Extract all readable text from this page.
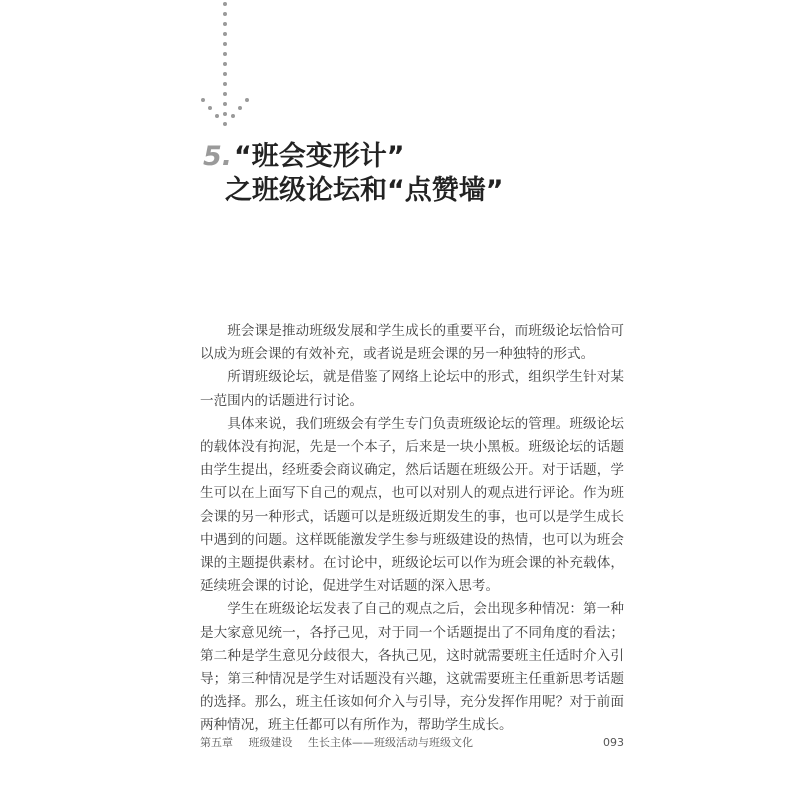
5.“班会变形计”
之班级论坛和“点赞墙”

班会课是推动班级发展和学生成长的重要平台，而班级论坛恰恰可以成为班会课的有效补充，或者说是班会课的另一种独特的形式。

所谓班级论坛，就是借鉴了网络上论坛中的形式，组织学生针对某一范围内的话题进行讨论。

具体来说，我们班级会有学生专门负责班级论坛的管理。班级论坛的载体没有拘泥，先是一个本子，后来是一块小黑板。班级论坛的话题由学生提出，经班委会商议确定，然后话题在班级公开。对于话题，学生可以在上面写下自己的观点，也可以对别人的观点进行评论。作为班会课的另一种形式，话题可以是班级近期发生的事，也可以是学生成长中遇到的问题。这样既能激发学生参与班级建设的热情，也可以为班会课的主题提供素材。在讨论中，班级论坛可以作为班会课的补充载体，延续班会课的讨论，促进学生对话题的深入思考。

学生在班级论坛发表了自己的观点之后，会出现多种情况：第一种是大家意见统一，各抒己见，对于同一个话题提出了不同角度的看法；第二种是学生意见分歧很大，各执己见，这时就需要班主任适时介入引导；第三种情况是学生对话题没有兴趣，这就需要班主任重新思考话题的选择。那么，班主任该如何介入与引导，充分发挥作用呢？对于前面两种情况，班主任都可以有所作为，帮助学生成长。

第五章 班级建设 生长主体——班级活动与班级文化	093
